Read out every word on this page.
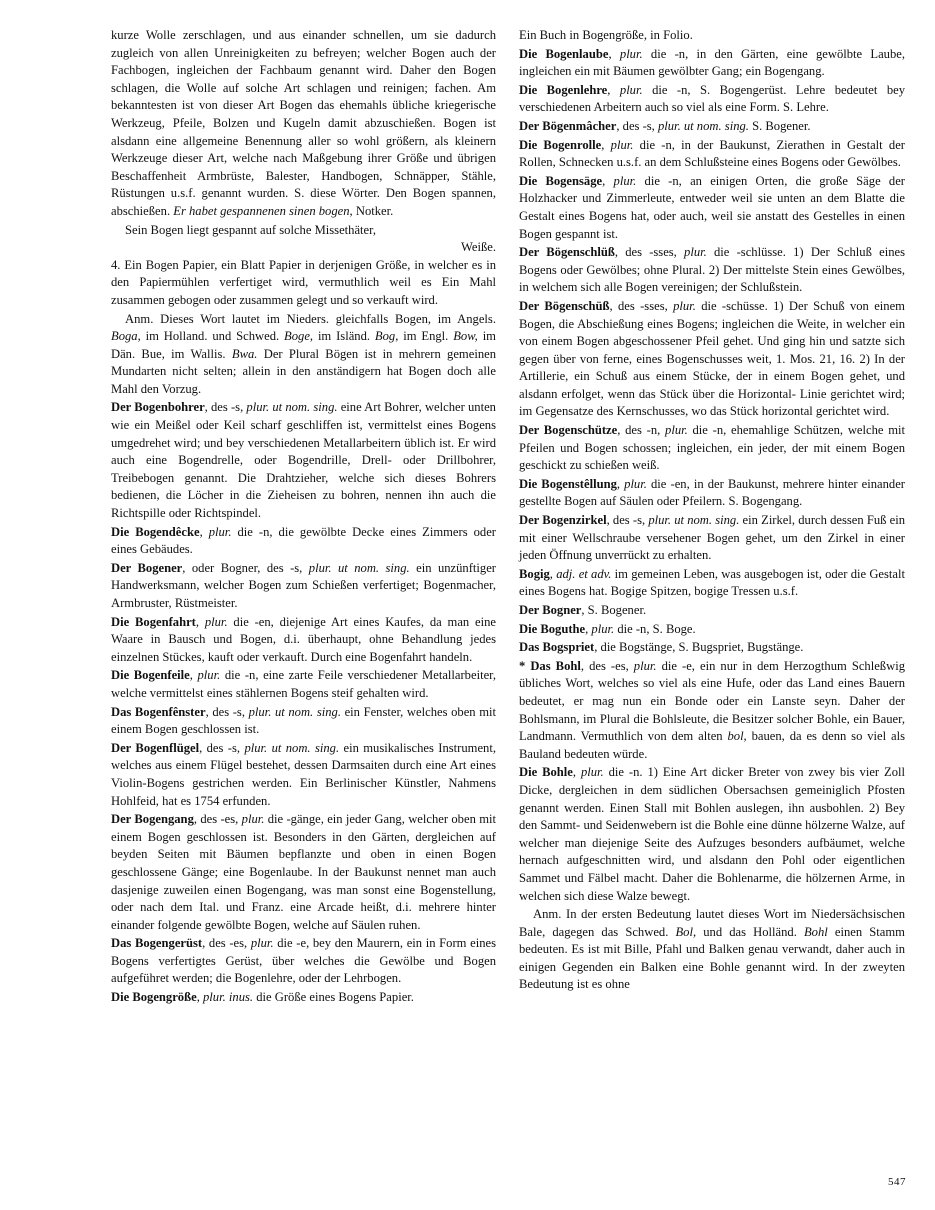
kurze Wolle zerschlagen, und aus einander schnellen, um sie dadurch zugleich von allen Unreinigkeiten zu befreyen; welcher Bogen auch der Fachbogen, ingleichen der Fachbaum genannt wird. Daher den Bogen schlagen, die Wolle auf solche Art schlagen und reinigen; fachen. Am bekanntesten ist von dieser Art Bogen das ehemahls übliche kriegerische Werkzeug, Pfeile, Bolzen und Kugeln damit abzuschießen. Bogen ist alsdann eine allgemeine Benennung aller so wohl größern, als kleinern Werkzeuge dieser Art, welche nach Maßgebung ihrer Größe und übrigen Beschaffenheit Armbrüste, Balester, Handbogen, Schnäpper, Stähle, Rüstungen u.s.f. genannt wurden. S. diese Wörter. Den Bogen spannen, abschießen. Er habet gespannenen sinen bogen, Notker.

Sein Bogen liegt gespannt auf solche Missethäter,

Weiße.

4. Ein Bogen Papier, ein Blatt Papier in derjenigen Größe, in welcher es in den Papiermühlen verfertiget wird, vermuthlich weil es Ein Mahl zusammen gebogen oder zusammen gelegt und so verkauft wird.

Anm. Dieses Wort lautet im Nieders. gleichfalls Bogen, im Angels. Boga, im Holland. und Schwed. Boge, im Isländ. Bog, im Engl. Bow, im Dän. Bue, im Wallis. Bwa. Der Plural Bögen ist in mehrern gemeinen Mundarten nicht selten; allein in den anständigern hat Bogen doch alle Mahl den Vorzug.

Der Bogenbohrer, des -s, plur. ut nom. sing. eine Art Bohrer, welcher unten wie ein Meißel oder Keil scharf geschliffen ist, vermittelst eines Bogens umgedrehet wird; und bey verschiedenen Metallarbeitern üblich ist. Er wird auch eine Bogendrelle, oder Bogendrille, Drell- oder Drillbohrer, Treibebogen genannt. Die Drahtzieher, welche sich dieses Bohrers bedienen, die Löcher in die Zieheisen zu bohren, nennen ihn auch die Richtspille oder Richtspindel.

Die Bogendêcke, plur. die -n, die gewölbte Decke eines Zimmers oder eines Gebäudes.

Der Bogener, oder Bogner, des -s, plur. ut nom. sing. ein unzünftiger Handwerksmann, welcher Bogen zum Schießen verfertiget; Bogenmacher, Armbruster, Rüstmeister.

Die Bogenfahrt, plur. die -en, diejenige Art eines Kaufes, da man eine Waare in Bausch und Bogen, d.i. überhaupt, ohne Behandlung jedes einzelnen Stückes, kauft oder verkauft. Durch eine Bogenfahrt handeln.

Die Bogenfeile, plur. die -n, eine zarte Feile verschiedener Metallarbeiter, welche vermittelst eines stählernen Bogens steif gehalten wird.

Das Bogenfênster, des -s, plur. ut nom. sing. ein Fenster, welches oben mit einem Bogen geschlossen ist.

Der Bogenflügel, des -s, plur. ut nom. sing. ein musikalisches Instrument, welches aus einem Flügel bestehet, dessen Darmsaiten durch eine Art eines Violin-Bogens gestrichen werden. Ein Berlinischer Künstler, Nahmens Hohlfeid, hat es 1754 erfunden.

Der Bogengang, des -es, plur. die -gänge, ein jeder Gang, welcher oben mit einem Bogen geschlossen ist. Besonders in den Gärten, dergleichen auf beyden Seiten mit Bäumen bepflanzte und oben in einen Bogen geschlossene Gänge; eine Bogenlaube. In der Baukunst nennet man auch dasjenige zuweilen einen Bogengang, was man sonst eine Bogenstellung, oder nach dem Ital. und Franz. eine Arcade heißt, d.i. mehrere hinter einander folgende gewölbte Bogen, welche auf Säulen ruhen.

Das Bogengerüst, des -es, plur. die -e, bey den Maurern, ein in Form eines Bogens verfertigtes Gerüst, über welches die Gewölbe und Bogen aufgeführet werden; die Bogenlehre, oder der Lehrbogen.

Die Bogengröße, plur. inus. die Größe eines Bogens Papier.

Ein Buch in Bogengröße, in Folio.

Die Bogenlaube, plur. die -n, in den Gärten, eine gewölbte Laube, ingleichen ein mit Bäumen gewölbter Gang; ein Bogengang.

Die Bogenlehre, plur. die -n, S. Bogengerüst. Lehre bedeutet bey verschiedenen Arbeitern auch so viel als eine Form. S. Lehre.

Der Bögenmâcher, des -s, plur. ut nom. sing. S. Bogener.

Die Bogenrolle, plur. die -n, in der Baukunst, Zierathen in Gestalt der Rollen, Schnecken u.s.f. an dem Schlußsteine eines Bogens oder Gewölbes.

Die Bogensäge, plur. die -n, an einigen Orten, die große Säge der Holzhacker und Zimmerleute, entweder weil sie unten an dem Blatte die Gestalt eines Bogens hat, oder auch, weil sie anstatt des Gestelles in einen Bogen gespannt ist.

Der Bögenschlüß, des -sses, plur. die -schlüsse. 1) Der Schluß eines Bogens oder Gewölbes; ohne Plural. 2) Der mittelste Stein eines Gewölbes, in welchem sich alle Bogen vereinigen; der Schlußstein.

Der Bögenschüß, des -sses, plur. die -schüsse. 1) Der Schuß von einem Bogen, die Abschießung eines Bogens; ingleichen die Weite, in welcher ein von einem Bogen abgeschossener Pfeil gehet. Und ging hin und satzte sich gegen über von ferne, eines Bogenschusses weit, 1. Mos. 21, 16. 2) In der Artillerie, ein Schuß aus einem Stücke, der in einem Bogen gehet, und alsdann erfolget, wenn das Stück über die Horizontal- Linie gerichtet wird; im Gegensatze des Kernschusses, wo das Stück horizontal gerichtet wird.

Der Bogenschütze, des -n, plur. die -n, ehemahlige Schützen, welche mit Pfeilen und Bogen schossen; ingleichen, ein jeder, der mit einem Bogen geschickt zu schießen weiß.

Die Bogenstêllung, plur. die -en, in der Baukunst, mehrere hinter einander gestellte Bogen auf Säulen oder Pfeilern. S. Bogengang.

Der Bogenzirkel, des -s, plur. ut nom. sing. ein Zirkel, durch dessen Fuß ein mit einer Wellschraube versehener Bogen gehet, um den Zirkel in einer jeden Öffnung unverrückt zu erhalten.

Bogig, adj. et adv. im gemeinen Leben, was ausgebogen ist, oder die Gestalt eines Bogens hat. Bogige Spitzen, bogige Tressen u.s.f.

Der Bogner, S. Bogener.

Die Boguthe, plur. die -n, S. Boge.

Das Bogspriet, die Bogstänge, S. Bugspriet, Bugstänge.

* Das Bohl, des -es, plur. die -e, ein nur in dem Herzogthum Schleßwig übliches Wort, welches so viel als eine Hufe, oder das Land eines Bauern bedeutet, er mag nun ein Bonde oder ein Lanste seyn. Daher der Bohlsmann, im Plural die Bohlsleute, die Besitzer solcher Bohle, ein Bauer, Landmann. Vermuthlich von dem alten bol, bauen, da es denn so viel als Bauland bedeuten würde.

Die Bohle, plur. die -n. 1) Eine Art dicker Breter von zwey bis vier Zoll Dicke, dergleichen in dem südlichen Obersachsen gemeiniglich Pfosten genannt werden. Einen Stall mit Bohlen auslegen, ihn ausbohlen. 2) Bey den Sammt- und Seidenwebern ist die Bohle eine dünne hölzerne Walze, auf welcher man diejenige Seite des Aufzuges besonders aufbäumet, welche hernach aufgeschnitten wird, und alsdann den Pohl oder eigentlichen Sammet und Fälbel macht. Daher die Bohlenarme, die hölzernen Arme, in welchen sich diese Walze bewegt.

Anm. In der ersten Bedeutung lautet dieses Wort im Niedersächsischen Bale, dagegen das Schwed. Bol, und das Holländ. Bohl einen Stamm bedeuten. Es ist mit Bille, Pfahl und Balken genau verwandt, daher auch in einigen Gegenden ein Balken eine Bohle genannt wird. In der zweyten Bedeutung ist es ohne

547
